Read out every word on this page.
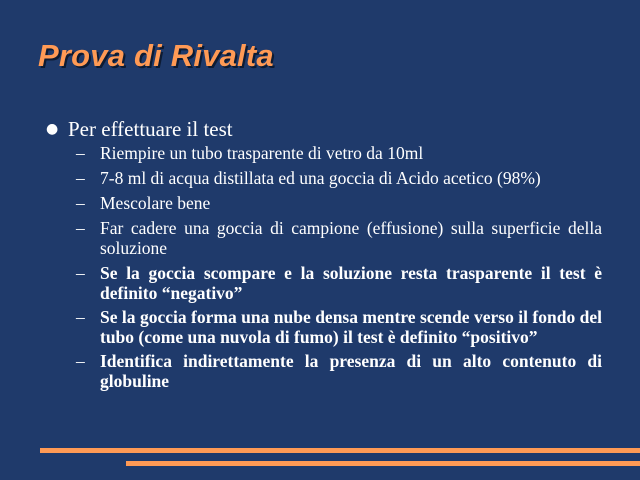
Prova di Rivalta
● Per effettuare il test
– Riempire un tubo trasparente di vetro da 10ml
– 7-8 ml di acqua distillata ed una goccia di Acido acetico (98%)
– Mescolare bene
– Far cadere una goccia di campione (effusione) sulla superficie della soluzione
– Se la goccia scompare e la soluzione resta trasparente il test è definito “negativo”
– Se la goccia forma una nube densa mentre scende verso il fondo del tubo (come una nuvola di fumo) il test è definito “positivo”
– Identifica indirettamente la presenza di un alto contenuto di globuline
